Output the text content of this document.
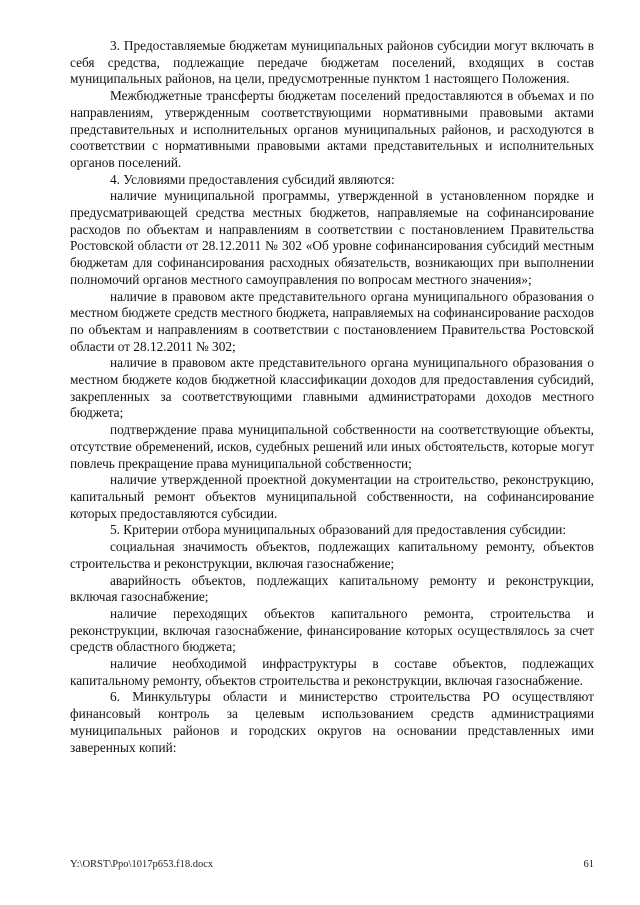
3. Предоставляемые бюджетам муниципальных районов субсидии могут включать в себя средства, подлежащие передаче бюджетам поселений, входящих в состав муниципальных районов, на цели, предусмотренные пунктом 1 настоящего Положения.

Межбюджетные трансферты бюджетам поселений предоставляются в объемах и по направлениям, утвержденным соответствующими нормативными правовыми актами представительных и исполнительных органов муниципальных районов, и расходуются в соответствии с нормативными правовыми актами представительных и исполнительных органов поселений.

4. Условиями предоставления субсидий являются:

наличие муниципальной программы, утвержденной в установленном порядке и предусматривающей средства местных бюджетов, направляемые на софинансирование расходов по объектам и направлениям в соответствии с постановлением Правительства Ростовской области от 28.12.2011 № 302 «Об уровне софинансирования субсидий местным бюджетам для софинансирования расходных обязательств, возникающих при выполнении полномочий органов местного самоуправления по вопросам местного значения»;

наличие в правовом акте представительного органа муниципального образования о местном бюджете средств местного бюджета, направляемых на софинансирование расходов по объектам и направлениям в соответствии с постановлением Правительства Ростовской области от 28.12.2011 № 302;

наличие в правовом акте представительного органа муниципального образования о местном бюджете кодов бюджетной классификации доходов для предоставления субсидий, закрепленных за соответствующими главными администраторами доходов местного бюджета;

подтверждение права муниципальной собственности на соответствующие объекты, отсутствие обременений, исков, судебных решений или иных обстоятельств, которые могут повлечь прекращение права муниципальной собственности;

наличие утвержденной проектной документации на строительство, реконструкцию, капитальный ремонт объектов муниципальной собственности, на софинансирование которых предоставляются субсидии.

5. Критерии отбора муниципальных образований для предоставления субсидии:

социальная значимость объектов, подлежащих капитальному ремонту, объектов строительства и реконструкции, включая газоснабжение;

аварийность объектов, подлежащих капитальному ремонту и реконструкции, включая газоснабжение;

наличие переходящих объектов капитального ремонта, строительства и реконструкции, включая газоснабжение, финансирование которых осуществлялось за счет средств областного бюджета;

наличие необходимой инфраструктуры в составе объектов, подлежащих капитальному ремонту, объектов строительства и реконструкции, включая газоснабжение.

6. Минкультуры области и министерство строительства РО осуществляют финансовый контроль за целевым использованием средств администрациями муниципальных районов и городских округов на основании представленных ими заверенных копий:

Y:\ORST\Ppo\1017p653.f18.docx	61
